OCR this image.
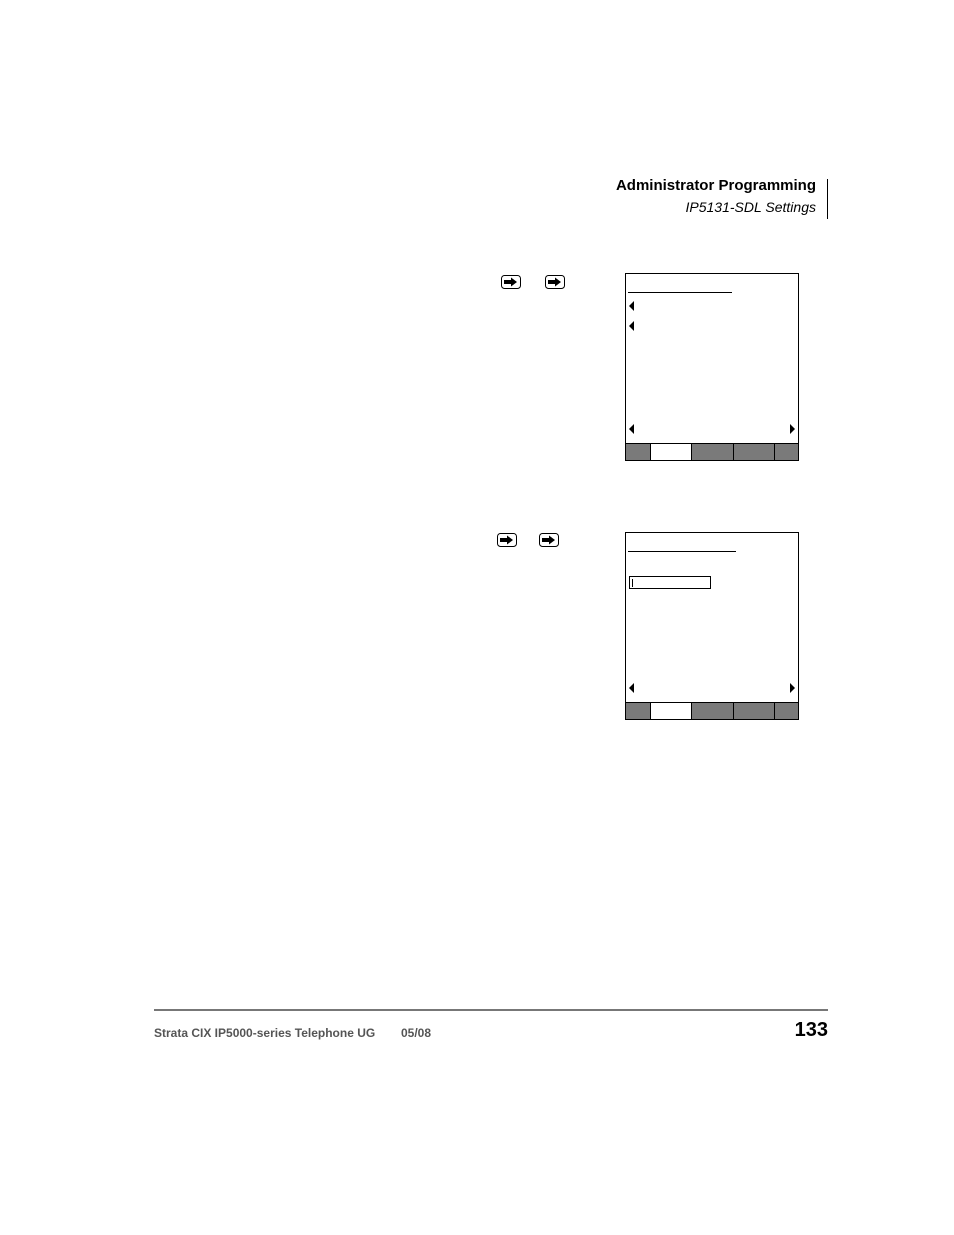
Administrator Programming
IP5131-SDL Settings
Strata CIX IP5000-series Telephone UG 05/08	133
